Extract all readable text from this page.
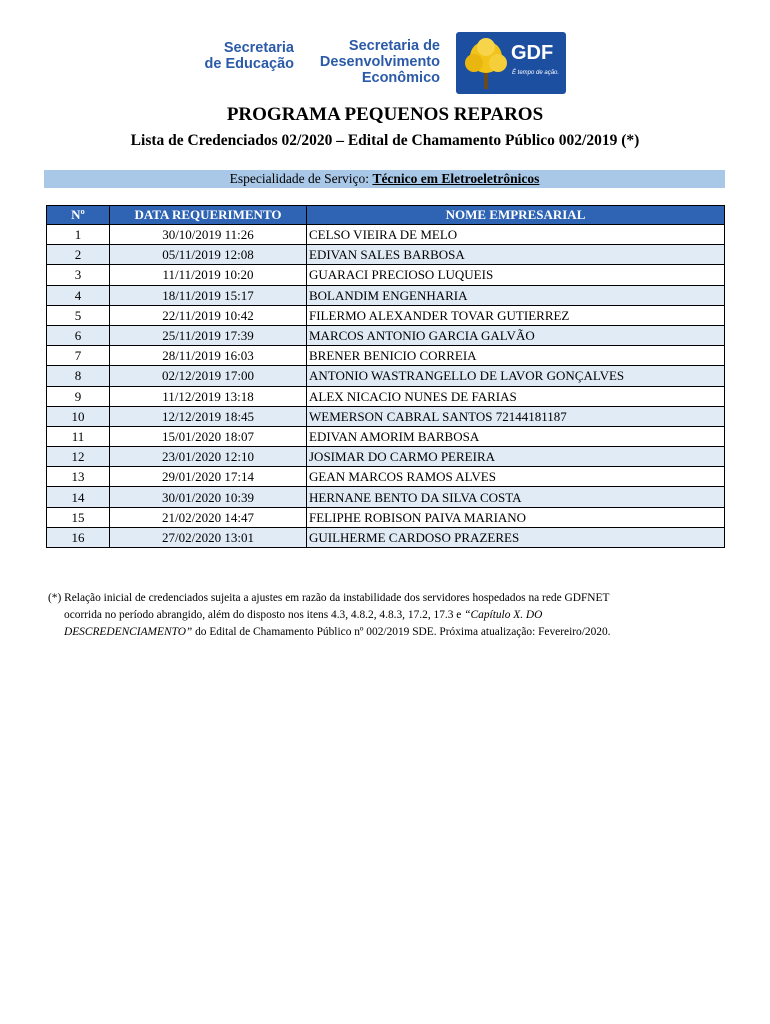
Secretaria
de Educação
Secretaria de
Desenvolvimento
Econômico
GDF
É tempo de ação.
PROGRAMA PEQUENOS REPAROS
Lista de Credenciados 02/2020 – Edital de Chamamento Público 002/2019 (*)
Especialidade de Serviço: Técnico em Eletroeletrônicos
Nº	DATA REQUERIMENTO	NOME EMPRESARIAL
1	30/10/2019 11:26	CELSO VIEIRA DE MELO
2	05/11/2019 12:08	EDIVAN SALES BARBOSA
3	11/11/2019 10:20	GUARACI PRECIOSO LUQUEIS
4	18/11/2019 15:17	BOLANDIM ENGENHARIA
5	22/11/2019 10:42	FILERMO ALEXANDER TOVAR GUTIERREZ
6	25/11/2019 17:39	MARCOS ANTONIO GARCIA GALVÃO
7	28/11/2019 16:03	BRENER BENICIO CORREIA
8	02/12/2019 17:00	ANTONIO WASTRANGELLO DE LAVOR GONÇALVES
9	11/12/2019 13:18	ALEX NICACIO NUNES DE FARIAS
10	12/12/2019 18:45	WEMERSON CABRAL SANTOS 72144181187
11	15/01/2020 18:07	EDIVAN AMORIM BARBOSA
12	23/01/2020 12:10	JOSIMAR DO CARMO PEREIRA
13	29/01/2020 17:14	GEAN MARCOS RAMOS ALVES
14	30/01/2020 10:39	HERNANE BENTO DA SILVA COSTA
15	21/02/2020 14:47	FELIPHE ROBISON PAIVA MARIANO
16	27/02/2020 13:01	GUILHERME CARDOSO PRAZERES
(*) Relação inicial de credenciados sujeita a ajustes em razão da instabilidade dos servidores hospedados na rede GDFNET
ocorrida no período abrangido, além do disposto nos itens 4.3, 4.8.2, 4.8.3, 17.2, 17.3 e “Capítulo X. DO
DESCREDENCIAMENTO” do Edital de Chamamento Público nº 002/2019 SDE. Próxima atualização: Fevereiro/2020.
